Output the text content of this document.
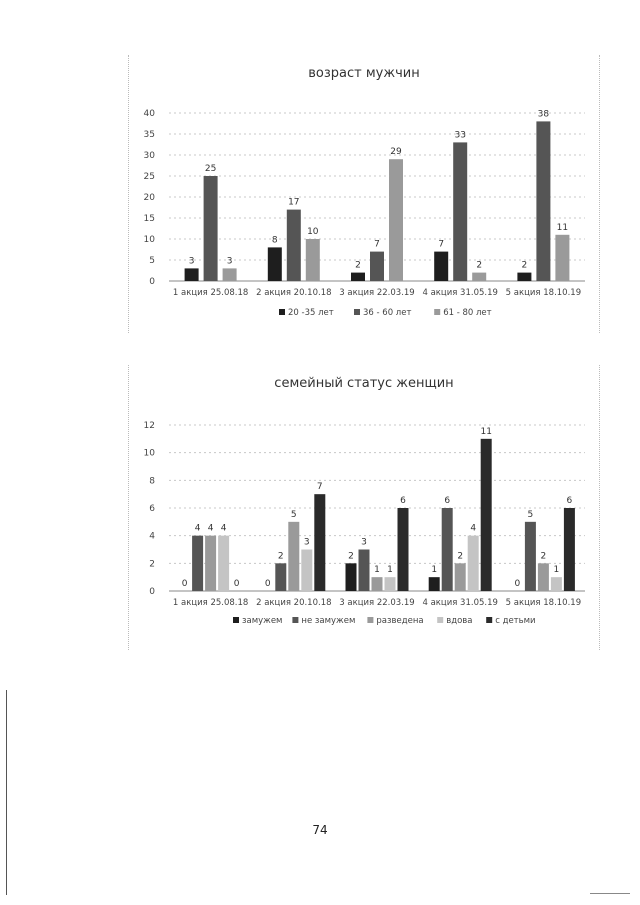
возраст мужчин
0
5
10
15
20
25
30
35
40
3
25
3
1 акция 25.08.18
8
17
10
2 акция 20.10.18
2
7
29
3 акция 22.03.19
7
33
2
4 акция 31.05.19
2
38
11
5 акция 18.10.19
20 -35 лет	36 - 60 лет	61 - 80 лет
семейный статус женщин
0
2
4
6
8
10
12
0
4 4 4
0
1 акция 25.08.18
0
2
5
3
7
2 акция 20.10.18
2
3
1 1
6
3 акция 22.03.19
1
6
2
4
11
4 акция 31.05.19
0
5
2
1
6
5 акция 18.10.19
замужем не замужем разведена	вдова	с детьми
74
